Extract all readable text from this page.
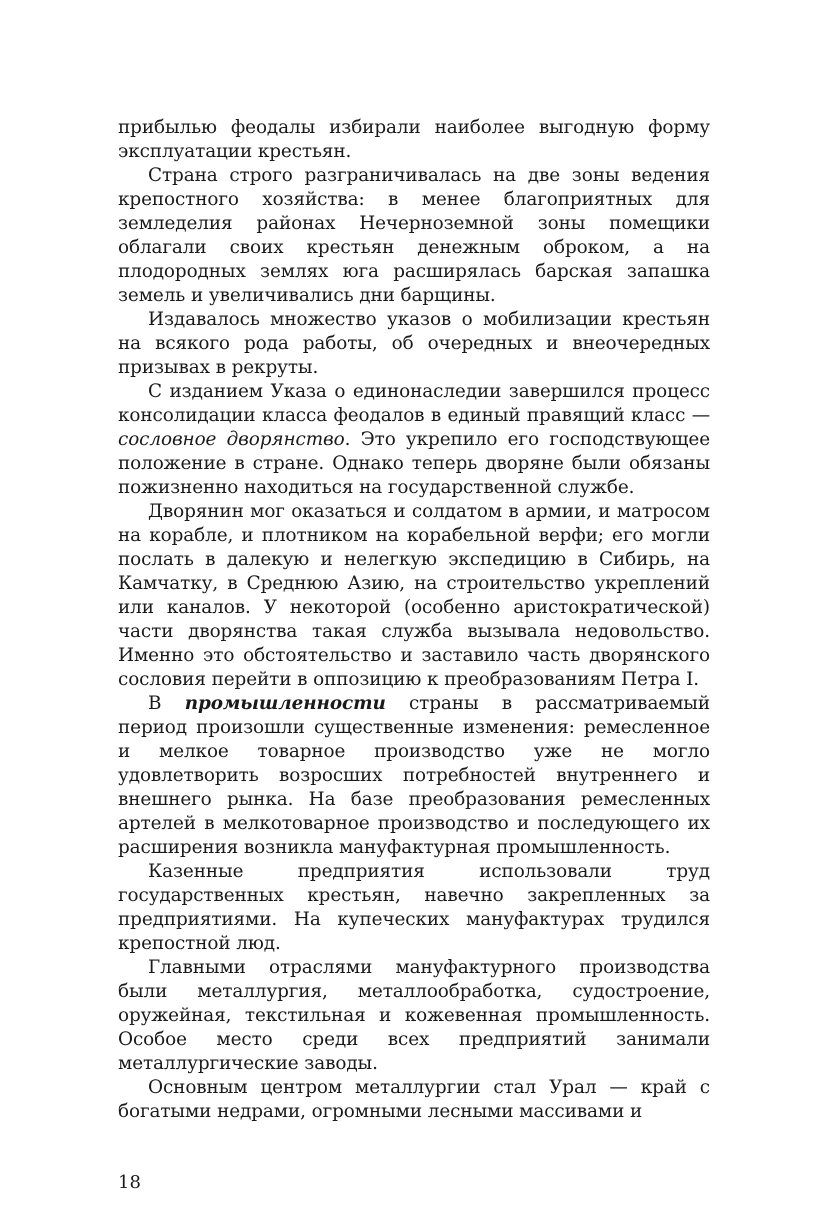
прибылью феодалы избирали наиболее выгодную форму эксплуатации крестьян.

Страна строго разграничивалась на две зоны ведения крепостного хозяйства: в менее благоприятных для земледелия районах Нечерноземной зоны помещики облагали своих крестьян денежным оброком, а на плодородных землях юга расширялась барская запашка земель и увеличивались дни барщины.

Издавалось множество указов о мобилизации крестьян на всякого рода работы, об очередных и внеочередных призывах в рекруты.

С изданием Указа о единонаследии завершился процесс консолидации класса феодалов в единый правящий класс — сословное дворянство. Это укрепило его господствующее положение в стране. Однако теперь дворяне были обязаны пожизненно находиться на государственной службе.

Дворянин мог оказаться и солдатом в армии, и матросом на корабле, и плотником на корабельной верфи; его могли послать в далекую и нелегкую экспедицию в Сибирь, на Камчатку, в Среднюю Азию, на строительство укреплений или каналов. У некоторой (особенно аристократической) части дворянства такая служба вызывала недовольство. Именно это обстоятельство и заставило часть дворянского сословия перейти в оппозицию к преобразованиям Петра I.

В промышленности страны в рассматриваемый период произошли существенные изменения: ремесленное и мелкое товарное производство уже не могло удовлетворить возросших потребностей внутреннего и внешнего рынка. На базе преобразования ремесленных артелей в мелкотоварное производство и последующего их расширения возникла мануфактурная промышленность.

Казенные предприятия использовали труд государственных крестьян, навечно закрепленных за предприятиями. На купеческих мануфактурах трудился крепостной люд.

Главными отраслями мануфактурного производства были металлургия, металлообработка, судостроение, оружейная, текстильная и кожевенная промышленность. Особое место среди всех предприятий занимали металлургические заводы.

Основным центром металлургии стал Урал — край с богатыми недрами, огромными лесными массивами и

18
